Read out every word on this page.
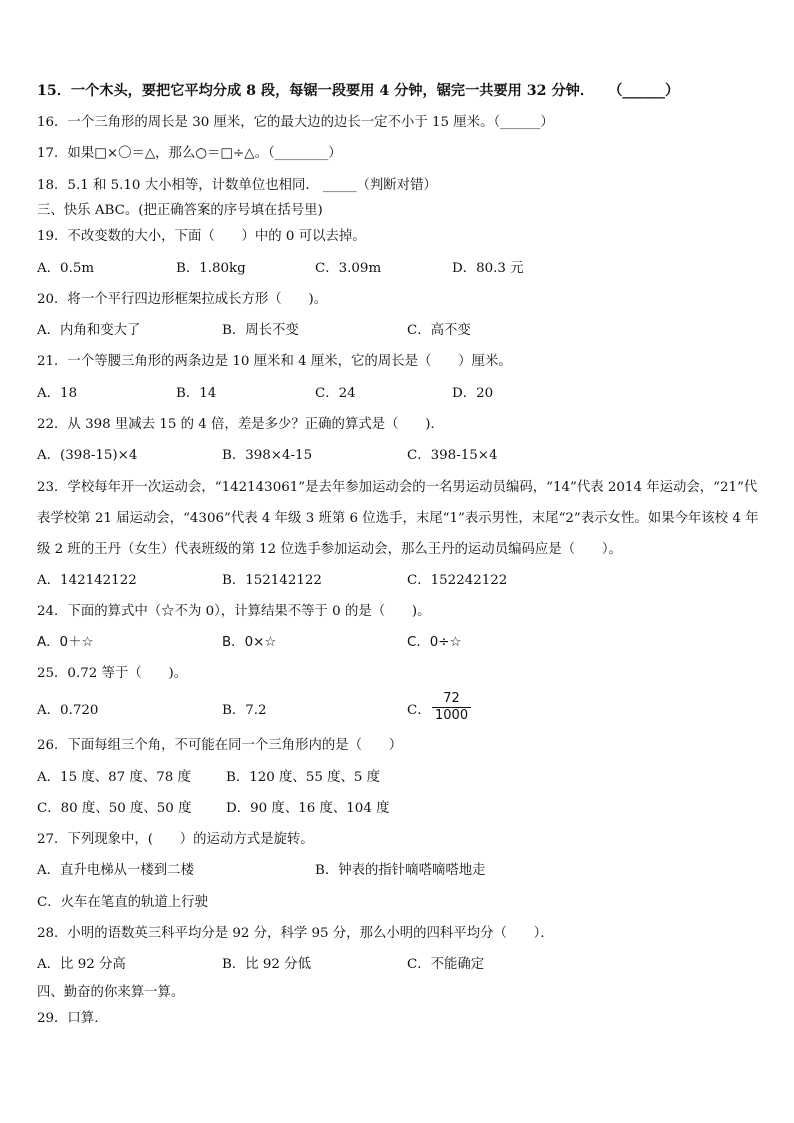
15．一个木头，要把它平均分成 8 段，每锯一段要用 4 分钟，锯完一共要用 32 分钟．　　（______）
16．一个三角形的周长是 30 厘米，它的最大边的边长一定不小于 15 厘米。（______）
17．如果□×〇＝△，那么○＝□÷△。（________）
18．5.1 和 5.10 大小相等，计数单位也相同． _____（判断对错）
三、快乐 ABC。(把正确答案的序号填在括号里)
19．不改变数的大小，下面（　　）中的 0 可以去掉。
A．0.5m	B．1.80kg	C．3.09m	D．80.3 元
20．将一个平行四边形框架拉成长方形（　　)。
A．内角和变大了	B．周长不变	C．高不变
21．一个等腰三角形的两条边是 10 厘米和 4 厘米，它的周长是（　　）厘米。
A．18	B．14	C．24	D．20
22．从 398 里减去 15 的 4 倍，差是多少？正确的算式是（　　)．
A．(398-15)×4	B．398×4-15	C．398-15×4
23．学校每年开一次运动会，“142143061”是去年参加运动会的一名男运动员编码，“14”代表 2014 年运动会，“21”代
表学校第 21 届运动会，“4306”代表 4 年级 3 班第 6 位选手，末尾“1”表示男性，末尾“2”表示女性。如果今年该校 4 年
级 2 班的王丹（女生）代表班级的第 12 位选手参加运动会，那么王丹的运动员编码应是（　　）。
A．142142122	B．152142122	C．152242122
24．下面的算式中（☆不为 0），计算结果不等于 0 的是（　　)。
A．0＋☆	B．0×☆	C．0÷☆
25．0.72 等于（　　)。
A．0.720	B．7.2	C． $\frac{72}{1000}$
26．下面每组三个角，不可能在同一个三角形内的是（　　）
A．15 度、87 度、78 度	B．120 度、55 度、5 度
C．80 度、50 度、50 度	D．90 度、16 度、104 度
27．下列现象中，(　　）的运动方式是旋转。
A．直升电梯从一楼到二楼	B．钟表的指针嘀嗒嘀嗒地走
C．火车在笔直的轨道上行驶
28．小明的语数英三科平均分是 92 分，科学 95 分，那么小明的四科平均分（　　）．
A．比 92 分高	B．比 92 分低	C．不能确定
四、勤奋的你来算一算。
29．口算.
